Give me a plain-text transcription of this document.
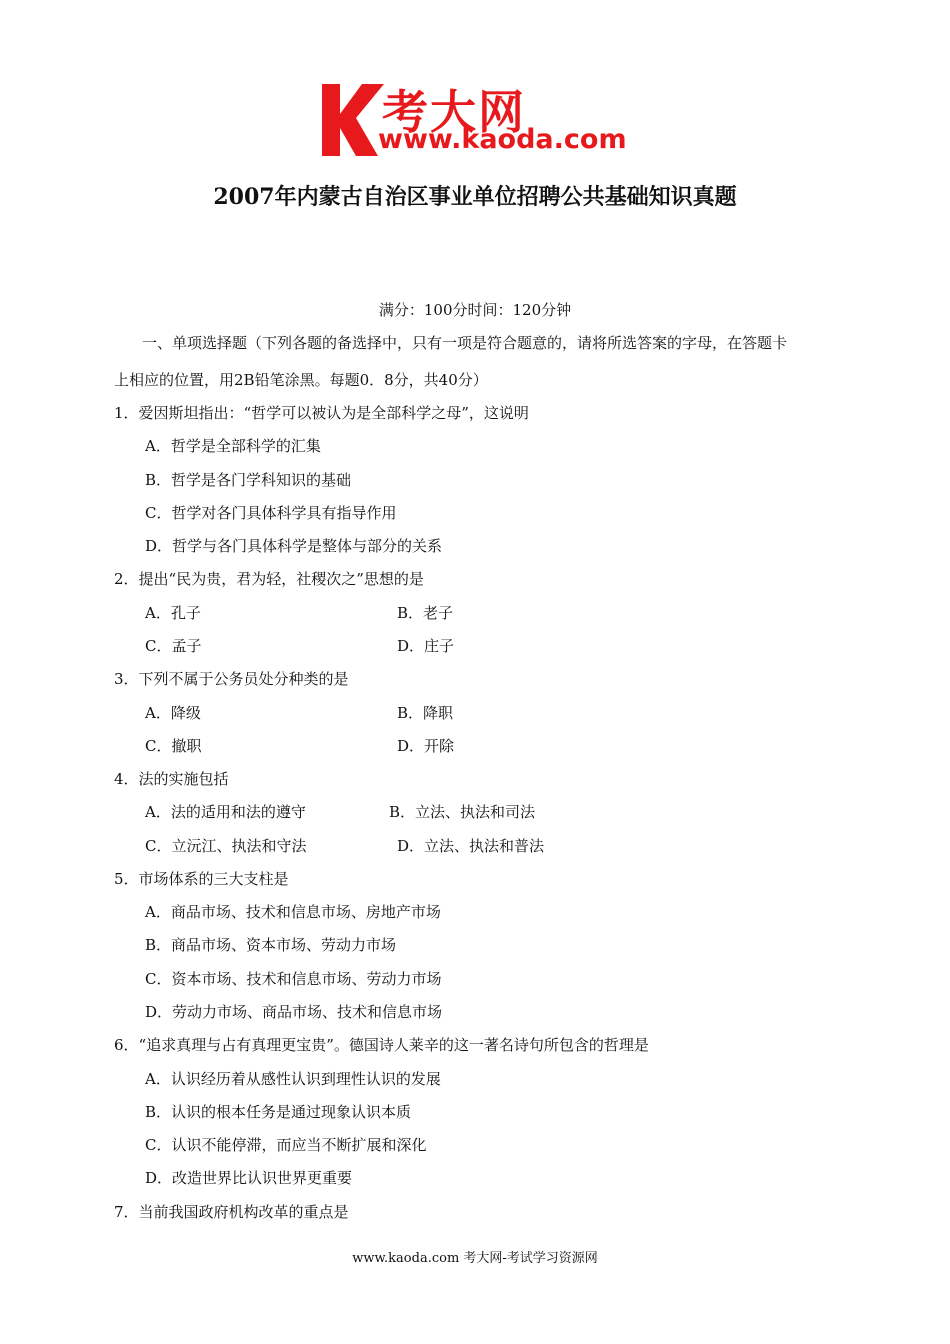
考大网
www.kaoda.com
2007年内蒙古自治区事业单位招聘公共基础知识真题
满分：100分时间：120分钟
一、单项选择题（下列各题的备选择中，只有一项是符合题意的，请将所选答案的字母，在答题卡
上相应的位置，用2B铅笔涂黑。每题0．8分，共40分）
1．爱因斯坦指出：“哲学可以被认为是全部科学之母”，这说明
A．哲学是全部科学的汇集
B．哲学是各门学科知识的基础
C．哲学对各门具体科学具有指导作用
D．哲学与各门具体科学是整体与部分的关系
2．提出“民为贵，君为轻，社稷次之”思想的是
A．孔子	B．老子
C．孟子	D．庄子
3．下列不属于公务员处分种类的是
A．降级	B．降职
C．撤职	D．开除
4．法的实施包括
A．法的适用和法的遵守	B．立法、执法和司法
C．立沅江、执法和守法	D．立法、执法和普法
5．市场体系的三大支柱是
A．商品市场、技术和信息市场、房地产市场
B．商品市场、资本市场、劳动力市场
C．资本市场、技术和信息市场、劳动力市场
D．劳动力市场、商品市场、技术和信息市场
6．“追求真理与占有真理更宝贵”。德国诗人莱辛的这一著名诗句所包含的哲理是
A．认识经历着从感性认识到理性认识的发展
B．认识的根本任务是通过现象认识本质
C．认识不能停滞，而应当不断扩展和深化
D．改造世界比认识世界更重要
7．当前我国政府机构改革的重点是
www.kaoda.com 考大网-考试学习资源网
